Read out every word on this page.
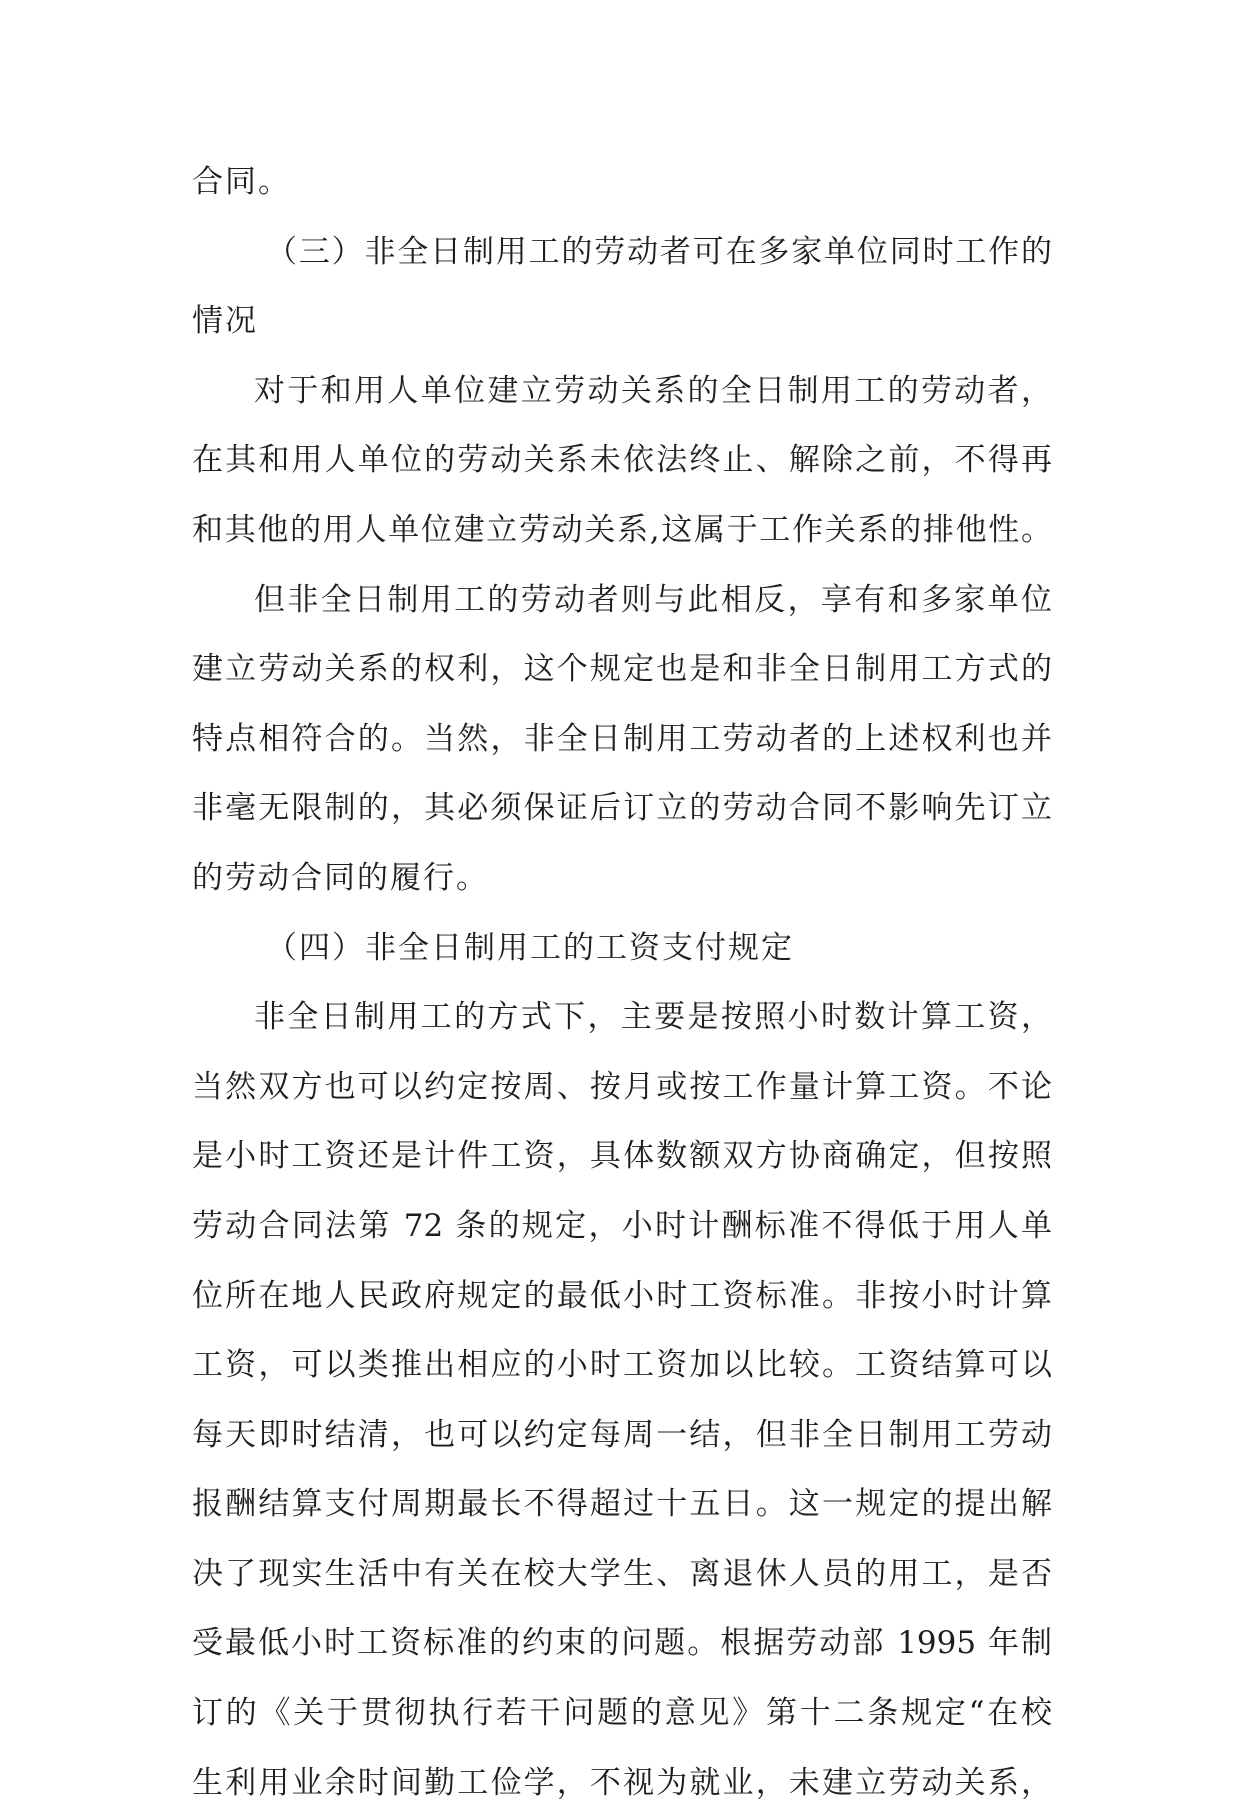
合同。
（三）非全日制用工的劳动者可在多家单位同时工作的
情况
对于和用人单位建立劳动关系的全日制用工的劳动者，
在其和用人单位的劳动关系未依法终止、解除之前，不得再
和其他的用人单位建立劳动关系,这属于工作关系的排他性。
但非全日制用工的劳动者则与此相反，享有和多家单位
建立劳动关系的权利，这个规定也是和非全日制用工方式的
特点相符合的。当然，非全日制用工劳动者的上述权利也并
非毫无限制的，其必须保证后订立的劳动合同不影响先订立
的劳动合同的履行。
（四）非全日制用工的工资支付规定
非全日制用工的方式下，主要是按照小时数计算工资，
当然双方也可以约定按周、按月或按工作量计算工资。不论
是小时工资还是计件工资，具体数额双方协商确定，但按照
劳动合同法第 72 条的规定，小时计酬标准不得低于用人单
位所在地人民政府规定的最低小时工资标准。非按小时计算
工资，可以类推出相应的小时工资加以比较。工资结算可以
每天即时结清，也可以约定每周一结，但非全日制用工劳动
报酬结算支付周期最长不得超过十五日。这一规定的提出解
决了现实生活中有关在校大学生、离退休人员的用工，是否
受最低小时工资标准的约束的问题。根据劳动部 1995 年制
订的《关于贯彻执行若干问题的意见》第十二条规定“在校
生利用业余时间勤工俭学，不视为就业，未建立劳动关系，
